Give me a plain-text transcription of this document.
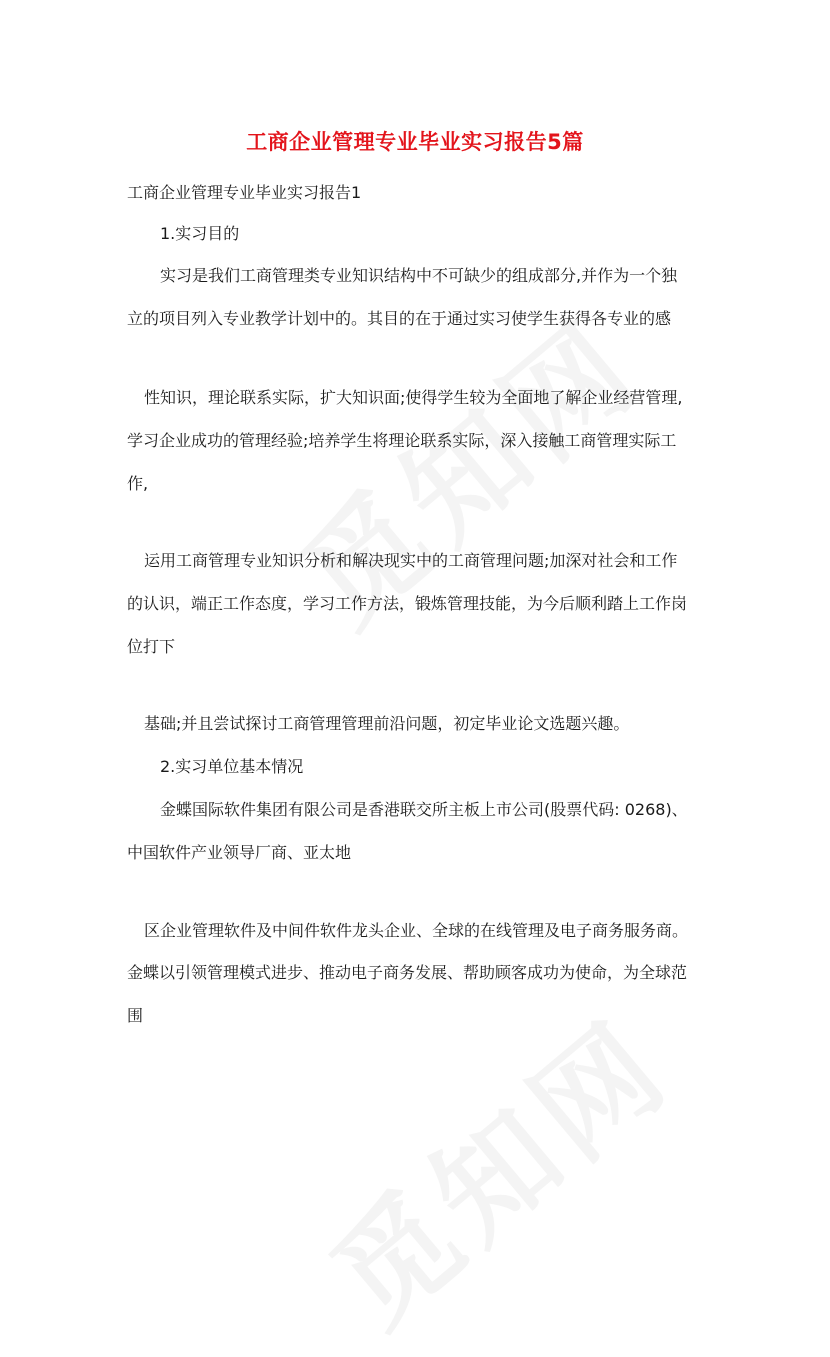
工商企业管理专业毕业实习报告5篇
工商企业管理专业毕业实习报告1
1.实习目的
实习是我们工商管理类专业知识结构中不可缺少的组成部分,并作为一个独
立的项目列入专业教学计划中的。其目的在于通过实习使学生获得各专业的感
性知识，理论联系实际，扩大知识面;使得学生较为全面地了解企业经营管理,
学习企业成功的管理经验;培养学生将理论联系实际，深入接触工商管理实际工
作,
运用工商管理专业知识分析和解决现实中的工商管理问题;加深对社会和工作
的认识，端正工作态度，学习工作方法，锻炼管理技能，为今后顺利踏上工作岗
位打下
基础;并且尝试探讨工商管理管理前沿问题，初定毕业论文选题兴趣。
2.实习单位基本情况
金蝶国际软件集团有限公司是香港联交所主板上市公司(股票代码: 0268)、
中国软件产业领导厂商、亚太地
区企业管理软件及中间件软件龙头企业、全球的在线管理及电子商务服务商。
金蝶以引领管理模式进步、推动电子商务发展、帮助顾客成功为使命，为全球范
围
